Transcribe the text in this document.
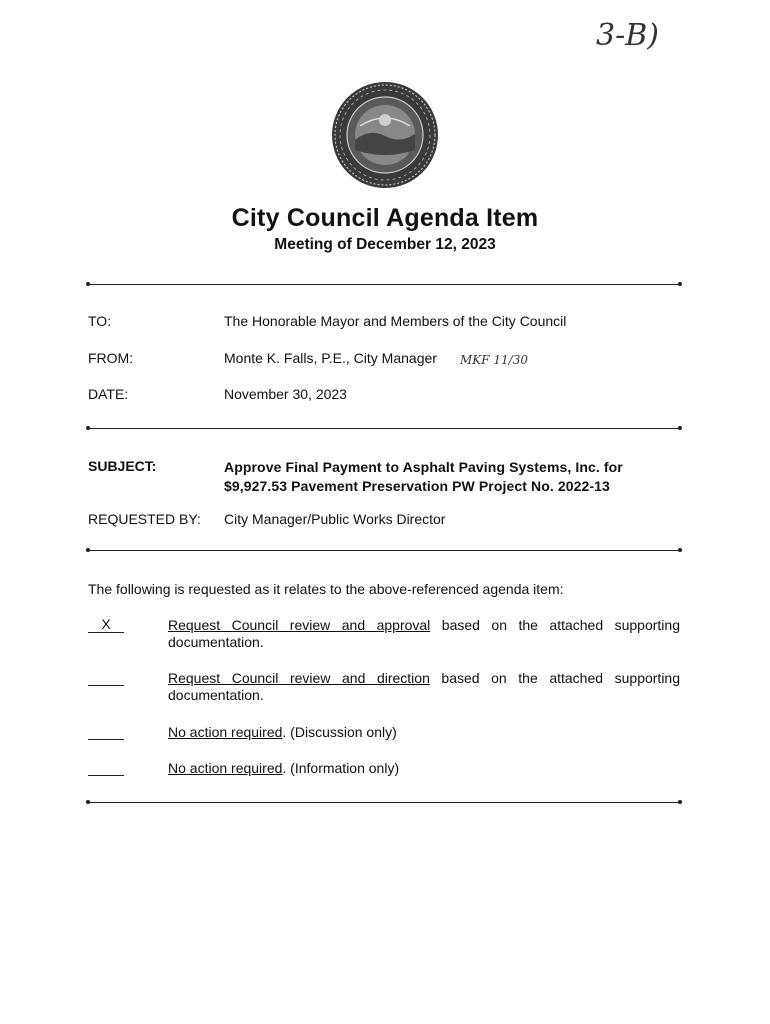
3-B)
City Council Agenda Item
Meeting of December 12, 2023
TO:	The Honorable Mayor and Members of the City Council
FROM:	Monte K. Falls, P.E., City Manager MKF 11/30
DATE:	November 30, 2023
SUBJECT:	Approve Final Payment to Asphalt Paving Systems, Inc. for
$9,927.53 Pavement Preservation PW Project No. 2022-13
REQUESTED BY: City Manager/Public Works Director
The following is requested as it relates to the above-referenced agenda item:
X	Request Council review and approval based on the attached supporting documentation.
Request Council review and direction based on the attached supporting documentation.
No action required. (Discussion only)
No action required. (Information only)
